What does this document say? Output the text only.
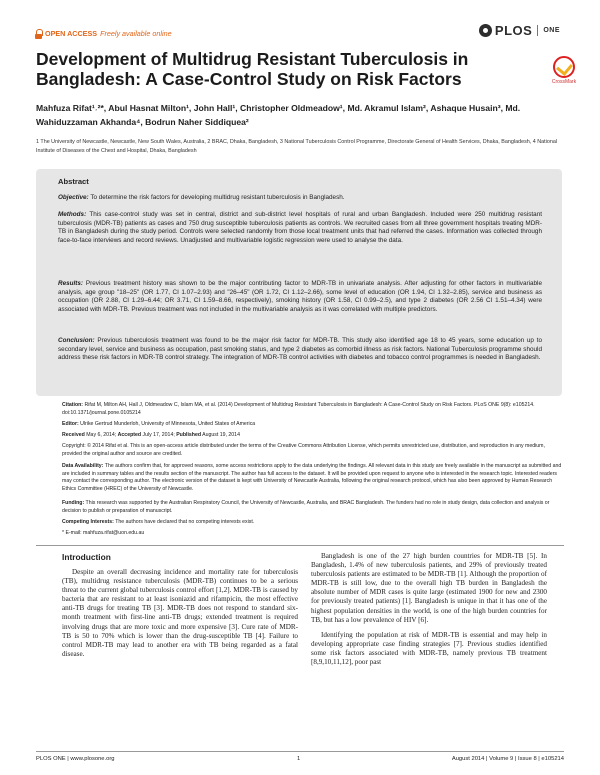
OPEN ACCESS Freely available online	PLOS ONE
Development of Multidrug Resistant Tuberculosis in Bangladesh: A Case-Control Study on Risk Factors	CrossMark

Mahfuza Rifat¹˒²*, Abul Hasnat Milton¹, John Hall¹, Christopher Oldmeadow¹, Md. Akramul Islam², Ashaque Husain³, Md. Wahiduzzaman Akhanda⁴, Bodrun Naher Siddiquea²

1 The University of Newcastle, Newcastle, New South Wales, Australia, 2 BRAC, Dhaka, Bangladesh, 3 National Tuberculosis Control Programme, Directorate General of Health Services, Dhaka, Bangladesh, 4 National Institute of Diseases of the Chest and Hospital, Dhaka, Bangladesh

Abstract

Objective: To determine the risk factors for developing multidrug resistant tuberculosis in Bangladesh.

Methods: This case-control study was set in central, district and sub-district level hospitals of rural and urban Bangladesh. Included were 250 multidrug resistant tuberculosis (MDR-TB) patients as cases and 750 drug susceptible tuberculosis patients as controls. We recruited cases from all three government hospitals treating MDR-TB in Bangladesh during the study period. Controls were selected randomly from those local treatment units that had referred the cases. Information was collected through face-to-face interviews and record reviews. Unadjusted and multivariable logistic regression were used to analyse the data.

Results: Previous treatment history was shown to be the major contributing factor to MDR-TB in univariate analysis. After adjusting for other factors in multivariable analysis, age group "18–25" (OR 1.77, CI 1.07–2.93) and "26–45" (OR 1.72, CI 1.12–2.66), some level of education (OR 1.94, CI 1.32–2.85), service and business as occupation (OR 2.88, CI 1.29–6.44; OR 3.71, CI 1.59–8.66, respectively), smoking history (OR 1.58, CI 0.99–2.5), and type 2 diabetes (OR 2.56 CI 1.51–4.34) were associated with MDR-TB. Previous treatment was not included in the multivariable analysis as it was correlated with multiple predictors.

Conclusion: Previous tuberculosis treatment was found to be the major risk factor for MDR-TB. This study also identified age 18 to 45 years, some education up to secondary level, service and business as occupation, past smoking status, and type 2 diabetes as comorbid illness as risk factors. National Tuberculosis programme should address these risk factors in MDR-TB control strategy. The integration of MDR-TB control activities with diabetes and tobacco control programmes is needed in Bangladesh.

Citation: Rifat M, Milton AH, Hall J, Oldmeadow C, Islam MA, et al. (2014) Development of Multidrug Resistant Tuberculosis in Bangladesh: A Case-Control Study on Risk Factors. PLoS ONE 9(8): e105214. doi:10.1371/journal.pone.0105214

Editor: Ulrike Gertrud Munderloh, University of Minnesota, United States of America

Received May 6, 2014; Accepted July 17, 2014; Published August 19, 2014

Copyright: © 2014 Rifat et al. This is an open-access article distributed under the terms of the Creative Commons Attribution License, which permits unrestricted use, distribution, and reproduction in any medium, provided the original author and source are credited.

Data Availability: The authors confirm that, for approved reasons, some access restrictions apply to the data underlying the findings. All relevant data in this study are freely available in the manuscript as submitted and are included in summary tables and the results section of the manuscript. The author has full access to the dataset. It will be provided upon request to anyone who is interested in the research topic. Interested readers may contact the corresponding author. The electronic version of the dataset is kept with University of Newcastle Australia, following the original research protocol, which has also been approved by Human Research Ethics Committee (HREC) of the University of Newcastle.

Funding: This research was supported by the Australian Respiratory Council, the University of Newcastle, Australia, and BRAC Bangladesh. The funders had no role in study design, data collection and analysis or decision to publish or preparation of manuscript.

Competing Interests: The authors have declared that no competing interests exist.

* E-mail: mahfuza.rifat@uon.edu.au

Introduction

Despite an overall decreasing incidence and mortality rate for tuberculosis (TB), multidrug resistance tuberculosis (MDR-TB) continues to be a serious threat to the current global tuberculosis control effort [1,2]. MDR-TB is caused by bacteria that are resistant to at least isoniazid and rifampicin, the most effective anti-TB drugs for treating TB [3]. MDR-TB does not respond to standard six-month treatment with first-line anti-TB drugs; extended treatment is required involving drugs that are more toxic and more expensive [3]. Cure rate of MDR-TB is 50 to 70% which is lower than the drug-susceptible TB [4]. Failure to control MDR-TB may lead to another era with TB being regarded as a fatal disease.

Bangladesh is one of the 27 high burden countries for MDR-TB [5]. In Bangladesh, 1.4% of new tuberculosis patients, and 29% of previously treated tuberculosis patients are estimated to be MDR-TB [1]. Although the proportion of MDR-TB is still low, due to the overall high TB burden in Bangladesh the absolute number of MDR cases is quite large (estimated 1900 for new and 2300 for previously treated patients) [1]. Bangladesh is unique in that it has one of the highest population densities in the world, is one of the high burden countries for TB, but has a low prevalence of HIV [6].

Identifying the population at risk of MDR-TB is essential and may help in developing appropriate case finding strategies [7]. Previous studies identified some risk factors associated with MDR-TB, namely previous TB treatment [8,9,10,11,12], poor past

PLOS ONE | www.plosone.org	1	August 2014 | Volume 9 | Issue 8 | e105214
